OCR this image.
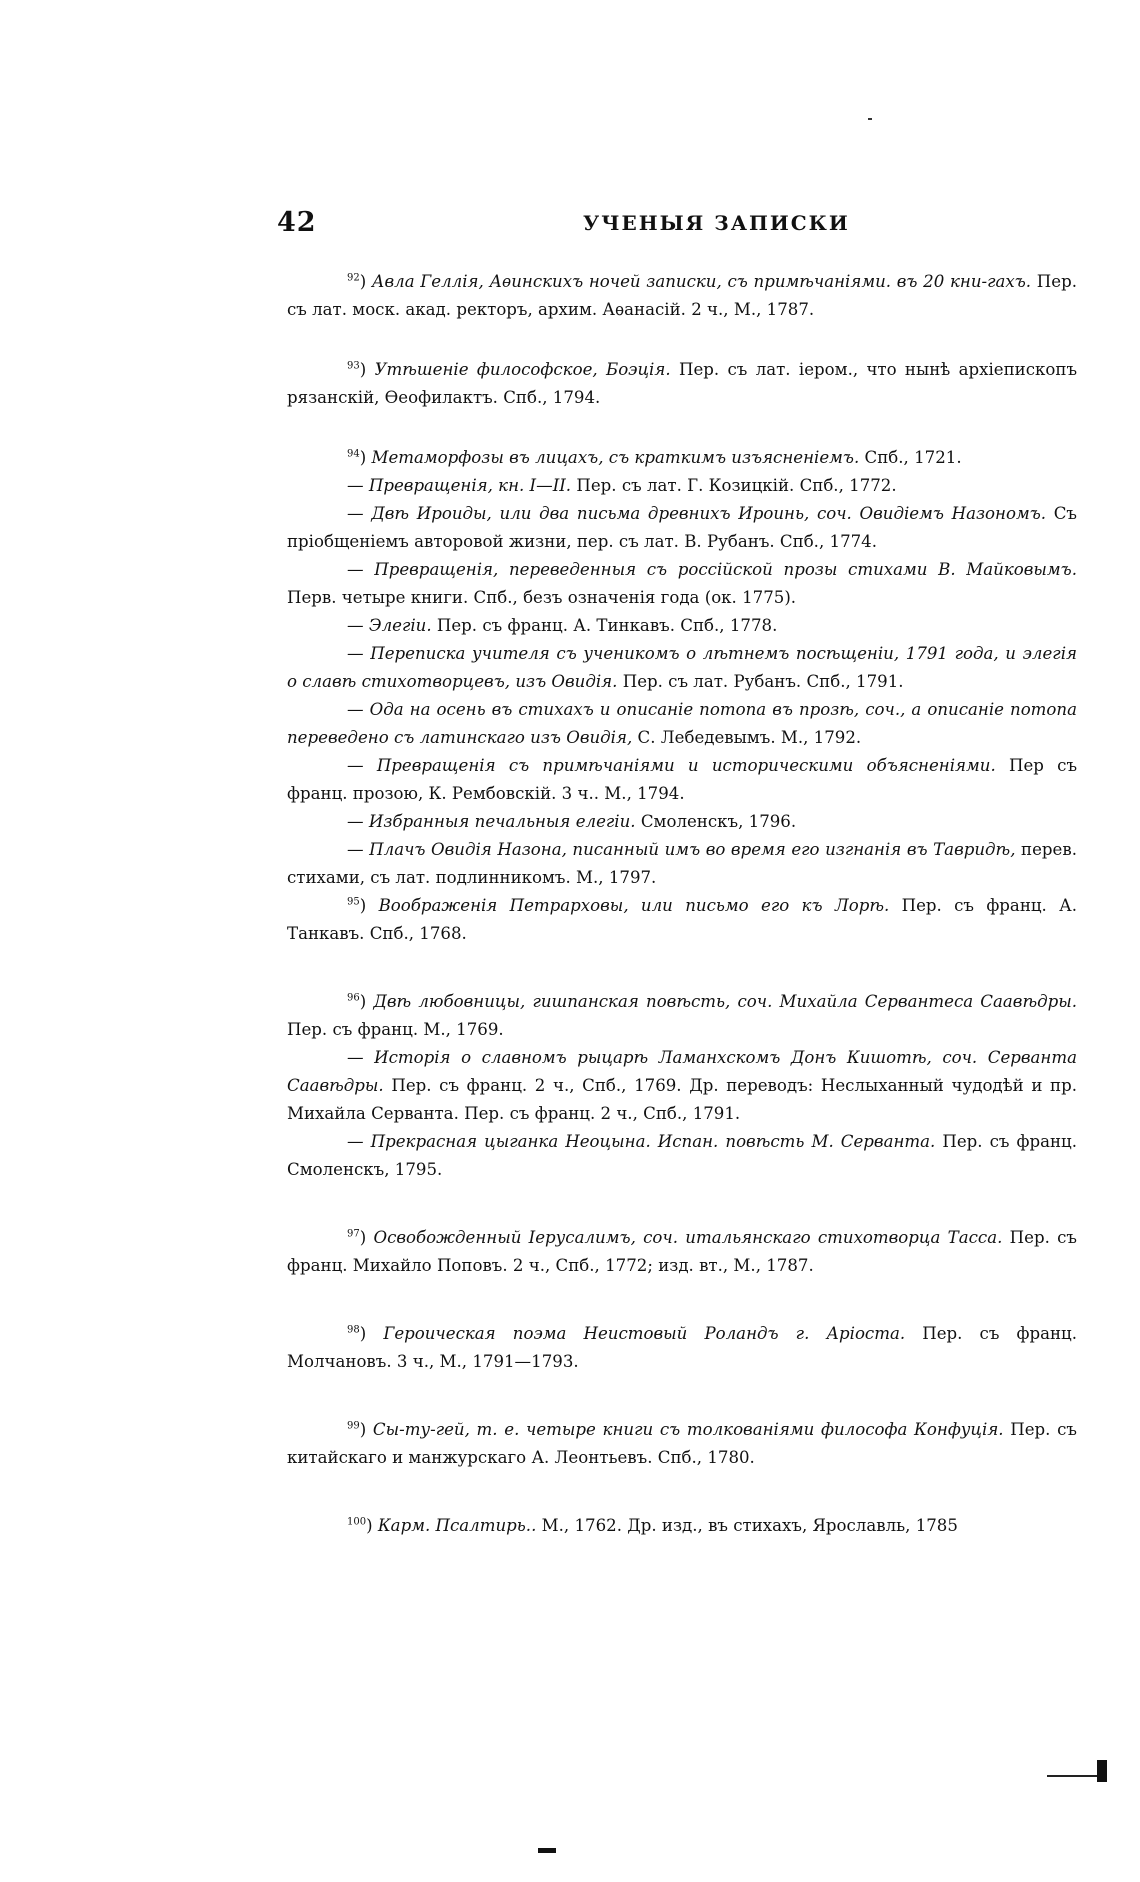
42	УЧЕНЫЯ ЗАПИСКИ
$^{92}$) Авла Геллія, Аѳинскихъ ночей записки, съ примѣчаніями. въ 20 кни-гахъ. Пер. съ лат. моск. акад. ректоръ, архим. Аѳанасій. 2 ч., М., 1787.
$^{93}$) Утѣшеніе философское, Боэція. Пер. съ лат. іером., что нынѣ архіепископъ рязанскій, Ѳеофилактъ. Спб., 1794.
$^{94}$) Метаморфозы въ лицахъ, съ краткимъ изъясненіемъ. Спб., 1721.
— Превращенія, кн. I—II. Пер. съ лат. Г. Козицкій. Спб., 1772.
— Двѣ Ироиды, или два письма древнихъ Ироинь, соч. Овидіемъ Назономъ. Съ пріобщеніемъ авторовой жизни, пер. съ лат. В. Рубанъ. Спб., 1774.
— Превращенія, переведенныя съ россійской прозы стихами В. Майковымъ. Перв. четыре книги. Спб., безъ означенія года (ок. 1775).
— Элегіи. Пер. съ франц. А. Тинкавъ. Спб., 1778.
— Переписка учителя съ ученикомъ о лѣтнемъ посѣщеніи, 1791 года, и элегія о славѣ стихотворцевъ, изъ Овидія. Пер. съ лат. Рубанъ. Спб., 1791.
— Ода на осень въ стихахъ и описаніе потопа въ прозѣ, соч., а описаніе потопа переведено съ латинскаго изъ Овидія, С. Лебедевымъ. М., 1792.
— Превращенія съ примѣчаніями и историческими объясненіями. Пер съ франц. прозою, К. Рембовскій. 3 ч.. М., 1794.
— Избранныя печальныя елегіи. Смоленскъ, 1796.
— Плачъ Овидія Назона, писанный имъ во время его изгнанія въ Тавридѣ, перев. стихами, съ лат. подлинникомъ. М., 1797.
$^{95}$) Воображенія Петрарховы, или письмо его къ Лорѣ. Пер. съ франц. А. Танкавъ. Спб., 1768.
$^{96}$) Двѣ любовницы, гишпанская повѣсть, соч. Михайла Сервантеса Саавѣдры. Пер. съ франц. М., 1769.
— Исторія о славномъ рыцарѣ Ламанхскомъ Донъ Кишотѣ, соч. Серванта Саавѣдры. Пер. съ франц. 2 ч., Спб., 1769. Др. переводъ: Неслыханный чудодѣй и пр. Михайла Серванта. Пер. съ франц. 2 ч., Спб., 1791.
— Прекрасная цыганка Неоцына. Испан. повѣсть М. Серванта. Пер. съ франц. Смоленскъ, 1795.
$^{97}$) Освобожденный Іерусалимъ, соч. итальянскаго стихотворца Тасса. Пер. съ франц. Михайло Поповъ. 2 ч., Спб., 1772; изд. вт., М., 1787.
$^{98}$) Героическая поэма Неистовый Роландъ г. Аріоста. Пер. съ франц. Молчановъ. 3 ч., М., 1791—1793.
$^{99}$) Сы-ту-гей, т. е. четыре книги съ толкованіями философа Конфуція. Пер. съ китайскаго и манжурскаго А. Леонтьевъ. Спб., 1780.
$^{100}$) Карм. Псалтирь.. М., 1762. Др. изд., въ стихахъ, Ярославль, 1785
